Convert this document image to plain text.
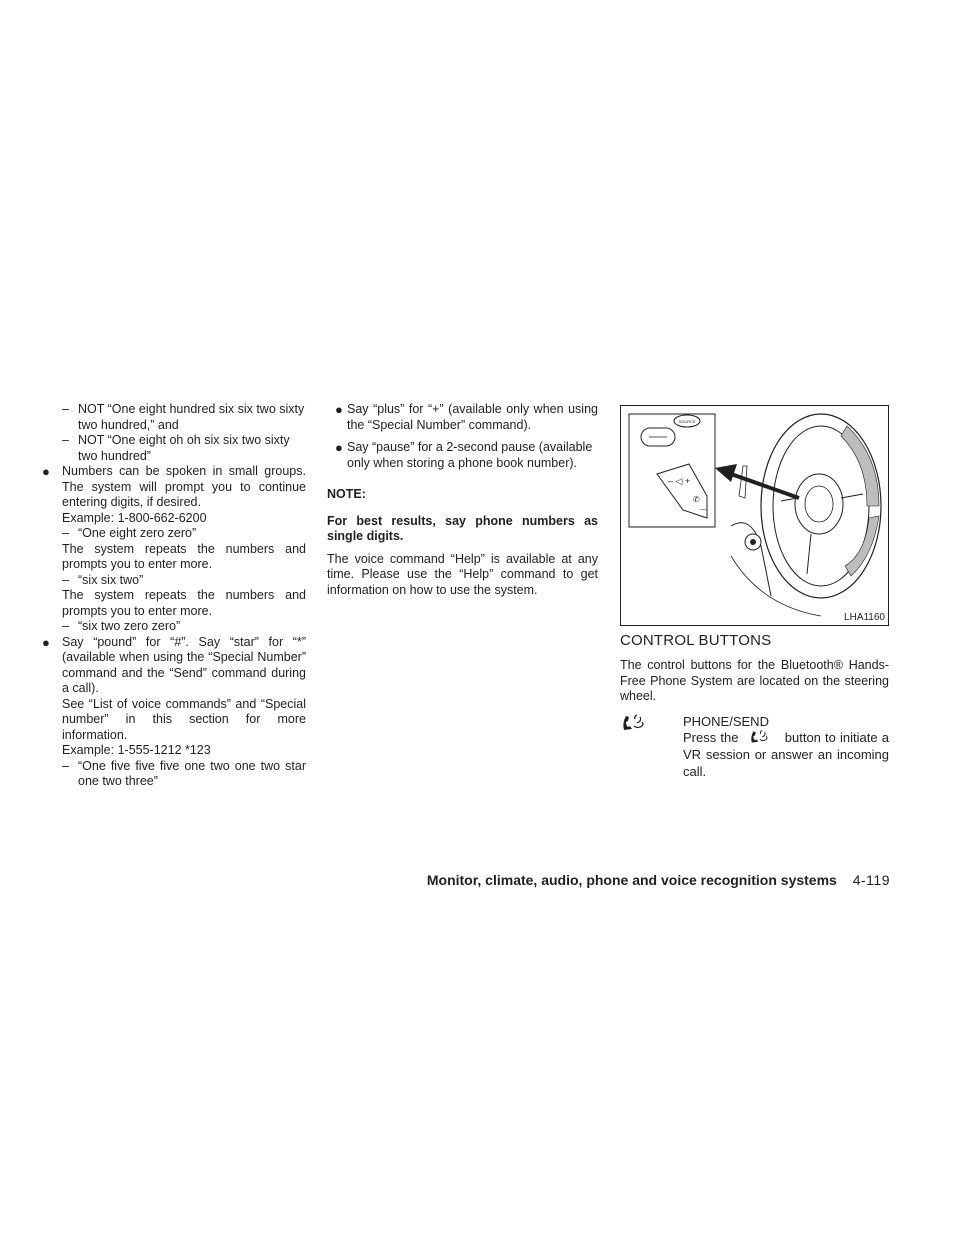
– NOT “One eight hundred six six two sixty two hundred,” and

– NOT “One eight oh oh six six two sixty two hundred”

● Numbers can be spoken in small groups. The system will prompt you to continue entering digits, if desired.

Example: 1-800-662-6200

– “One eight zero zero”

The system repeats the numbers and prompts you to enter more.

– “six six two”

The system repeats the numbers and prompts you to enter more.

– “six two zero zero”

● Say “pound” for “#”. Say “star” for “*” (available when using the “Special Number” command and the “Send” command during a call).

See “List of voice commands” and “Special number” in this section for more information.

Example: 1-555-1212 *123

– “One five five five one two one two star one two three”

● Say “plus” for “+” (available only when using the “Special Number” command).

● Say “pause” for a 2-second pause (available only when storing a phone book number).

NOTE:

For best results, say phone numbers as single digits.

The voice command “Help” is available at any time. Please use the “Help” command to get information on how to use the system.

SOURCE
– ◁ +
✆
⌒
LHA1160
CONTROL BUTTONS

The control buttons for the Bluetooth® Hands-Free Phone System are located on the steering wheel.

PHONE/SEND
Press the	button to initiate a VR session or answer an incoming call.
Monitor, climate, audio, phone and voice recognition systems 4-119
